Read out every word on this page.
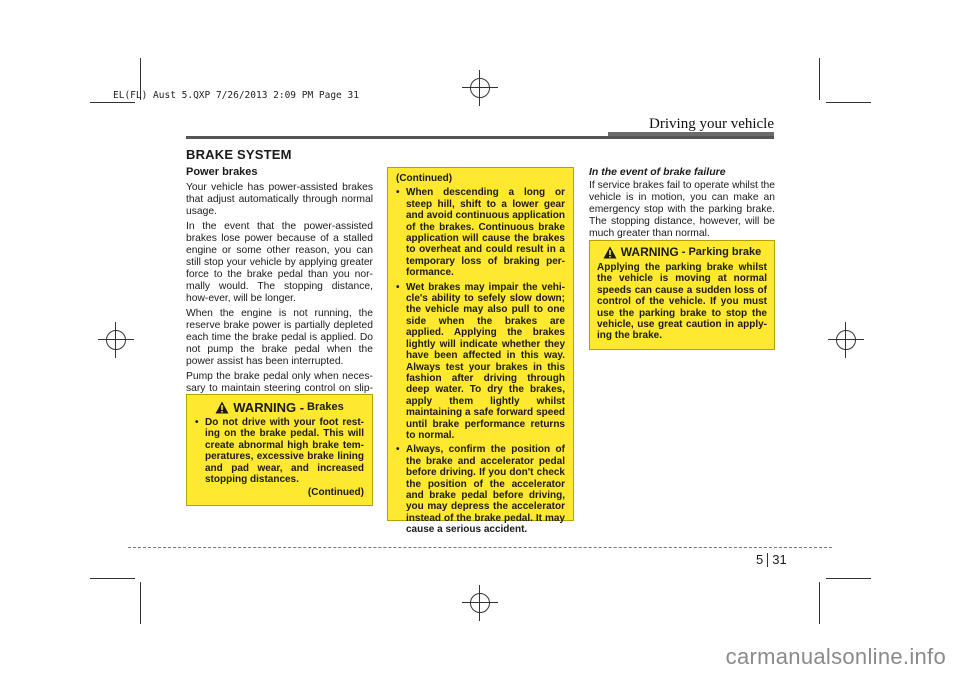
EL(FL) Aust 5.QXP 7/26/2013 2:09 PM Page 31
Driving your vehicle
BRAKE SYSTEM
Power brakes

Your vehicle has power-assisted brakes that adjust automatically through normal usage.

In the event that the power-assisted brakes lose power because of a stalled engine or some other reason, you can still stop your vehicle by applying greater force to the brake pedal than you nor-mally would. The stopping distance, how-ever, will be longer.

When the engine is not running, the reserve brake power is partially depleted each time the brake pedal is applied. Do not pump the brake pedal when the power assist has been interrupted.

Pump the brake pedal only when neces-sary to maintain steering control on slip-

WARNING - Brakes
• Do not drive with your foot rest-ing on the brake pedal. This will create abnormal high brake tem-peratures, excessive brake lining and pad wear, and increased stopping distances.
(Continued)
(Continued)
• When descending a long or steep hill, shift to a lower gear and avoid continuous application of the brakes. Continuous brake application will cause the brakes to overheat and could result in a temporary loss of braking per-formance.
• Wet brakes may impair the vehi-cle's ability to sefely slow down; the vehicle may also pull to one side when the brakes are applied. Applying the brakes lightly will indicate whether they have been affected in this way. Always test your brakes in this fashion after driving through deep water. To dry the brakes, apply them lightly whilst maintaining a safe forward speed until brake performance returns to normal.
• Always, confirm the position of the brake and accelerator pedal before driving. If you don't check the position of the accelerator and brake pedal before driving, you may depress the accelerator instead of the brake pedal. It may cause a serious accident.
In the event of brake failure

If service brakes fail to operate whilst the vehicle is in motion, you can make an emergency stop with the parking brake. The stopping distance, however, will be much greater than normal.

WARNING - Parking brake

Applying the parking brake whilst the vehicle is moving at normal speeds can cause a sudden loss of control of the vehicle. If you must use the parking brake to stop the vehicle, use great caution in apply-ing the brake.

5 31
carmanualsonline.info
